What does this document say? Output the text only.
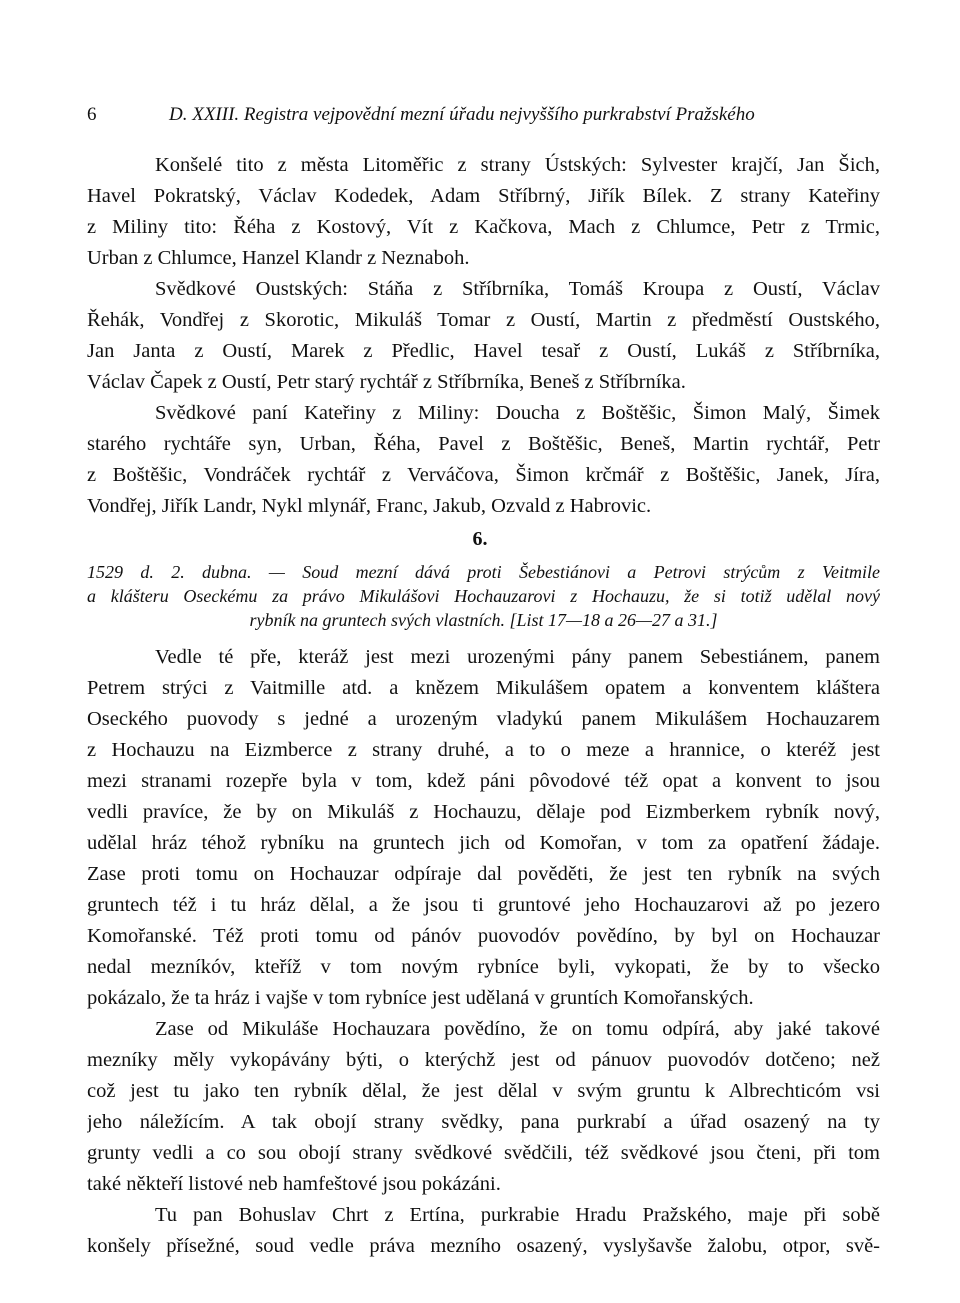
6	D. XXIII. Registra vejpovědní mezní úřadu nejvyššího purkrabství Pražského
Konšelé tito z města Litoměřic z strany Ústských: Sylvester krajčí, Jan Šich,
Havel Pokratský, Václav Kodedek, Adam Stříbrný, Jiřík Bílek. Z strany Kateřiny
z Miliny tito: Řéha z Kostový, Vít z Kačkova, Mach z Chlumce, Petr z Trmic,
Urban z Chlumce, Hanzel Klandr z Neznaboh.
Svědkové Oustských: Stáňa z Stříbrníka, Tomáš Kroupa z Oustí, Václav
Řehák, Vondřej z Skorotic, Mikuláš Tomar z Oustí, Martin z předměstí Oustského,
Jan Janta z Oustí, Marek z Předlic, Havel tesař z Oustí, Lukáš z Stříbrníka,
Václav Čapek z Oustí, Petr starý rychtář z Stříbrníka, Beneš z Stříbrníka.
Svědkové paní Kateřiny z Miliny: Doucha z Boštěšic, Šimon Malý, Šimek
starého rychtáře syn, Urban, Řéha, Pavel z Boštěšic, Beneš, Martin rychtář, Petr
z Boštěšic, Vondráček rychtář z Verváčova, Šimon krčmář z Boštěšic, Janek, Jíra,
Vondřej, Jiřík Landr, Nykl mlynář, Franc, Jakub, Ozvald z Habrovic.
6.
1529 d. 2. dubna. — Soud mezní dává proti Šebestiánovi a Petrovi strýcům z Veitmile
a klášteru Oseckému za právo Mikulášovi Hochauzarovi z Hochauzu, že si totiž udělal nový
rybník na gruntech svých vlastních. [List 17—18 a 26—27 a 31.]
Vedle té pře, kteráž jest mezi urozenými pány panem Sebestiánem, panem
Petrem strýci z Vaitmille atd. a knězem Mikulášem opatem a konventem kláštera
Oseckého puovody s jedné a urozeným vladykú panem Mikulášem Hochauzarem
z Hochauzu na Eizmberce z strany druhé, a to o meze a hrannice, o kteréž jest
mezi stranami rozepře byla v tom, kdež páni pôvodové též opat a konvent to jsou
vedli pravíce, že by on Mikuláš z Hochauzu, dělaje pod Eizmberkem rybník nový,
udělal hráz téhož rybníku na gruntech jich od Komořan, v tom za opatření žádaje.
Zase proti tomu on Hochauzar odpíraje dal pověděti, že jest ten rybník na svých
gruntech též i tu hráz dělal, a že jsou ti gruntové jeho Hochauzarovi až po jezero
Komořanské. Též proti tomu od pánóv puovodóv povědíno, by byl on Hochauzar
nedal mezníkóv, kteříž v tom novým rybníce byli, vykopati, že by to všecko
pokázalo, že ta hráz i vajše v tom rybníce jest udělaná v gruntích Komořanských.
Zase od Mikuláše Hochauzara povědíno, že on tomu odpírá, aby jaké takové
mezníky měly vykopávány býti, o kterýchž jest od pánuov puovodóv dotčeno; než
což jest tu jako ten rybník dělal, že jest dělal v svým gruntu k Albrechticóm vsi
jeho náležícím. A tak obojí strany svědky, pana purkrabí a úřad osazený na ty
grunty vedli a co sou obojí strany svědkové svědčili, též svědkové jsou čteni, při tom
také někteří listové neb hamfeštové jsou pokázáni.
Tu pan Bohuslav Chrt z Ertína, purkrabie Hradu Pražského, maje při sobě
konšely přísežné, soud vedle práva mezního osazený, vyslyšavše žalobu, otpor, svě-
